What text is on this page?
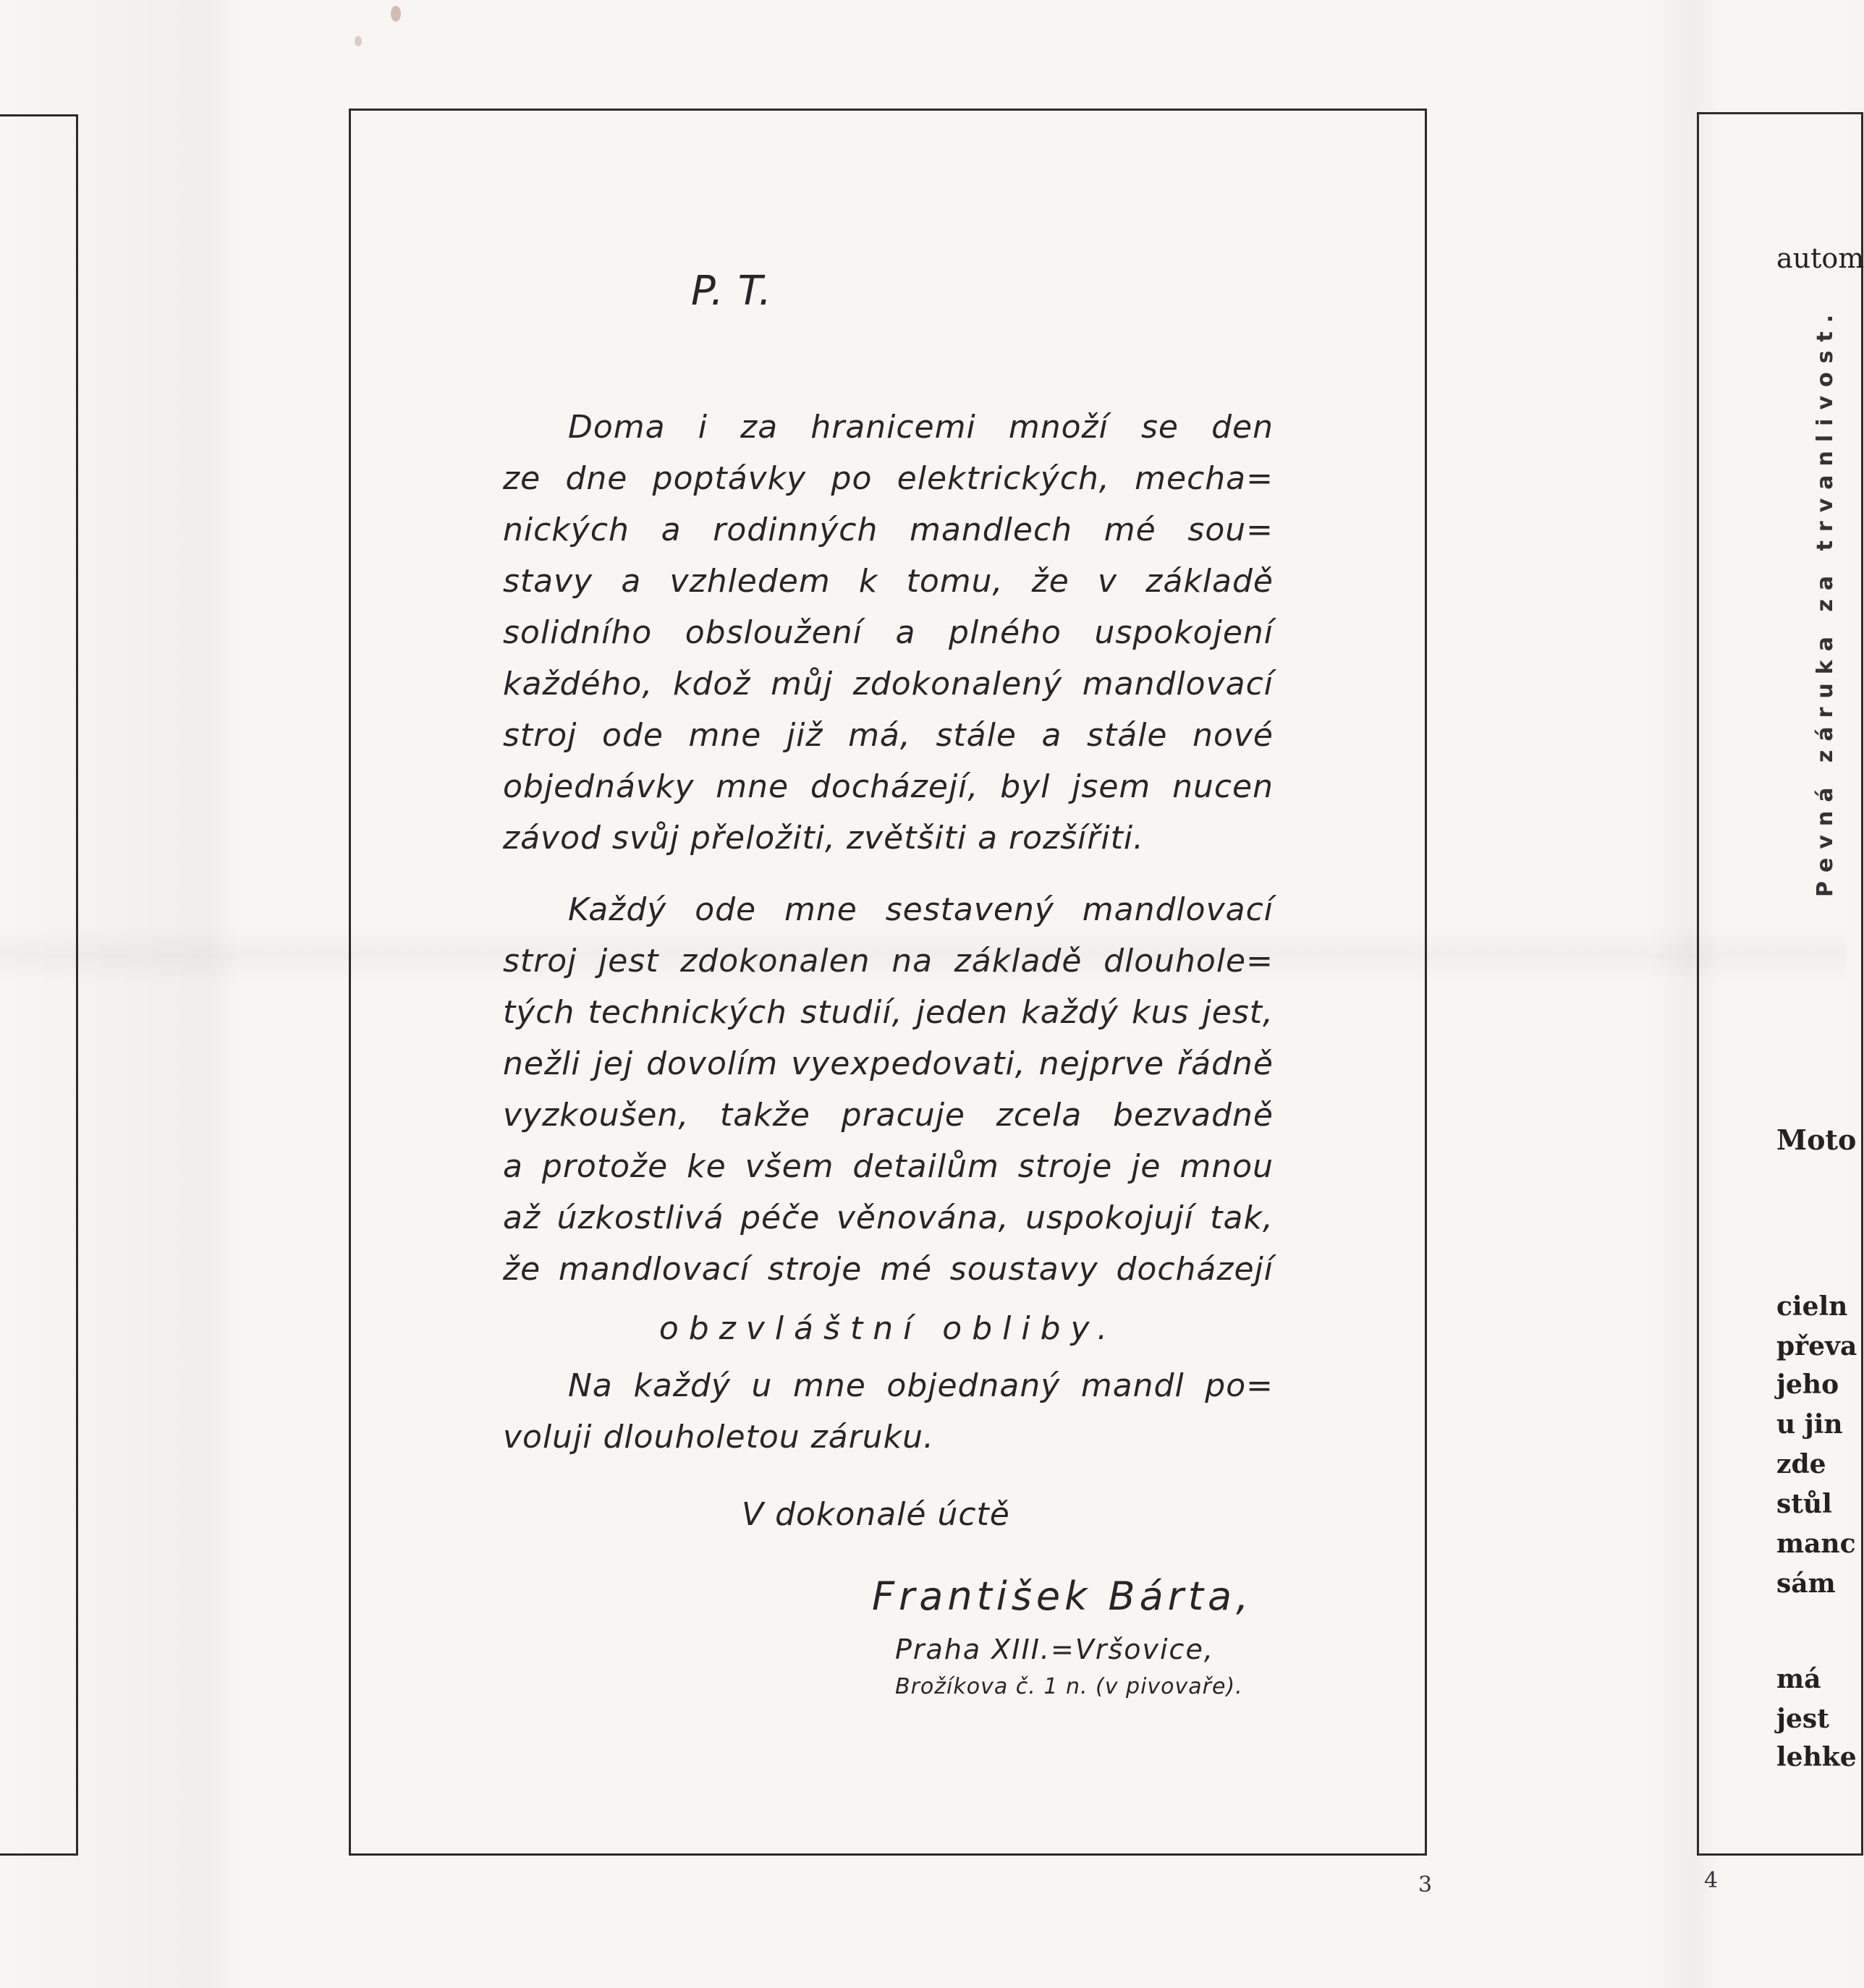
P. T.
Doma i za hranicemi množí se den
ze dne poptávky po elektrických, mecha=
nických a rodinných mandlech mé sou=
stavy a vzhledem k tomu, že v základě
solidního obsloužení a plného uspokojení
každého, kdož můj zdokonalený mandlovací
stroj ode mne již má, stále a stále nové
objednávky mne docházejí, byl jsem nucen
závod svůj přeložiti, zvětšiti a rozšířiti.
Každý ode mne sestavený mandlovací
stroj jest zdokonalen na základě dlouhole=
tých technických studií, jeden každý kus jest,
nežli jej dovolím vyexpedovati, nejprve řádně
vyzkoušen, takže pracuje zcela bezvadně
a protože ke všem detailům stroje je mnou
až úzkostlivá péče věnována, uspokojují tak,
že mandlovací stroje mé soustavy docházejí
obzvláštní obliby.
Na každý u mne objednaný mandl po=
voluji dlouholetou záruku.
V dokonalé úctě
František Bárta,
Praha XIII.=Vršovice,
Brožíkova č. 1 n. (v pivovaře).
3	4
autom
Pevná záruka za trvanlivost.
Moto
cieln
převa
jeho
u jin
zde
stůl
manc
sám
má
jest
lehke
